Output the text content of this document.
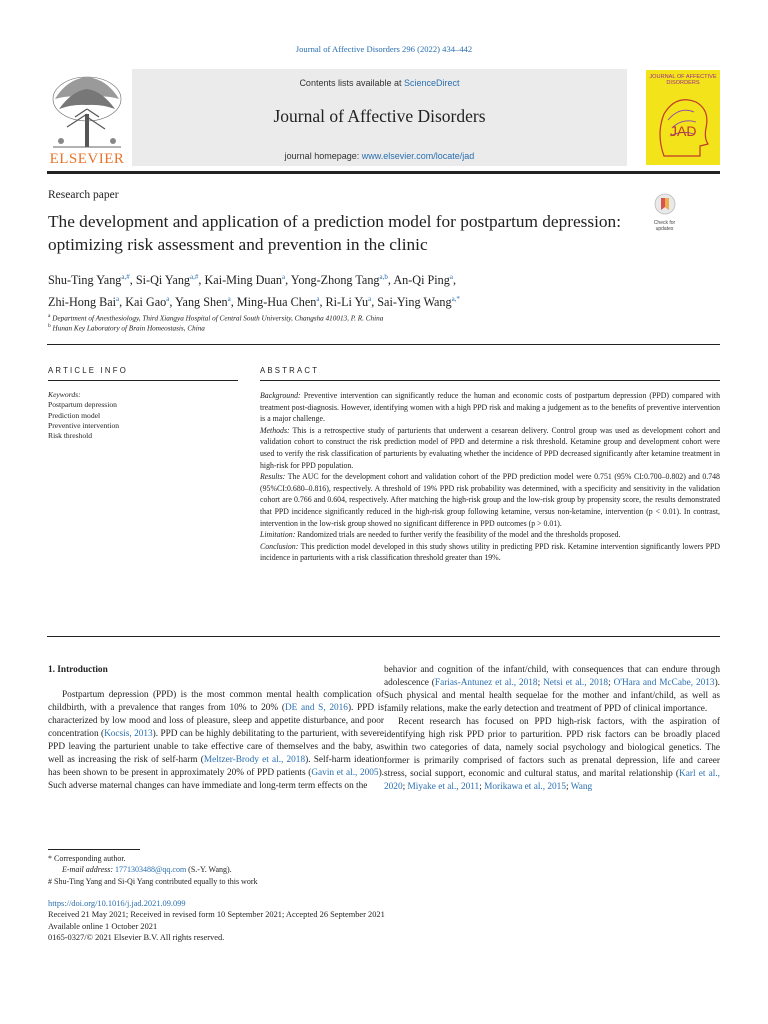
Journal of Affective Disorders 296 (2022) 434–442
ELSEVIER
Contents lists available at ScienceDirect
Journal of Affective Disorders
journal homepage: www.elsevier.com/locate/jad
JOURNAL OF AFFECTIVE DISORDERS
JAD
Research paper
The development and application of a prediction model for postpartum depression: optimizing risk assessment and prevention in the clinic
Check for
updates
Shu-Ting Yang$^{a,\#}$, Si-Qi Yang$^{a,\#}$, Kai-Ming Duan$^a$, Yong-Zhong Tang$^{a,b}$, An-Qi Ping$^a$,
Zhi-Hong Bai$^a$, Kai Gao$^a$, Yang Shen$^a$, Ming-Hua Chen$^a$, Ri-Li Yu$^a$, Sai-Ying Wang$^{a,*}$
$^a$ Department of Anesthesiology, Third Xiangya Hospital of Central South University, Changsha 410013, P. R. China
$^b$ Hunan Key Laboratory of Brain Homeostasis, China
ARTICLE INFO	ABSTRACT
Keywords:
Postpartum depression
Prediction model
Preventive intervention
Risk threshold

Background: Preventive intervention can significantly reduce the human and economic costs of postpartum depression (PPD) compared with treatment post-diagnosis. However, identifying women with a high PPD risk and making a judgement as to the benefits of preventive intervention is a major challenge.

Methods: This is a retrospective study of parturients that underwent a cesarean delivery. Control group was used as development cohort and validation cohort to construct the risk prediction model of PPD and determine a risk threshold. Ketamine group and development cohort were used to verify the risk classification of parturients by evaluating whether the incidence of PPD decreased significantly after ketamine treatment in high-risk for PPD population.

Results: The AUC for the development cohort and validation cohort of the PPD prediction model were 0.751 (95% CI:0.700–0.802) and 0.748 (95%CI:0.680–0.816), respectively. A threshold of 19% PPD risk probability was determined, with a specificity and sensitivity in the validation cohort are 0.766 and 0.604, respectively. After matching the high-risk group and the low-risk group by propensity score, the results demonstrated that PPD incidence significantly reduced in the high-risk group following ketamine, versus non-ketamine, intervention (p < 0.01). In contrast, intervention in the low-risk group showed no significant difference in PPD outcomes (p > 0.01).

Limitation: Randomized trials are needed to further verify the feasibility of the model and the thresholds proposed.

Conclusion: This prediction model developed in this study shows utility in predicting PPD risk. Ketamine intervention significantly lowers PPD incidence in parturients with a risk classification threshold greater than 19%.

1. Introduction

Postpartum depression (PPD) is the most common mental health complication of childbirth, with a prevalence that ranges from 10% to 20% (DE and S, 2016). PPD is characterized by low mood and loss of pleasure, sleep and appetite disturbance, and poor concentration (Kocsis, 2013). PPD can be highly debilitating to the parturient, with severe PPD leaving the parturient unable to take effective care of themselves and the baby, as well as increasing the risk of self-harm (Meltzer-Brody et al., 2018). Self-harm ideation has been shown to be present in approximately 20% of PPD patients (Gavin et al., 2005). Such adverse maternal changes can have immediate and long-term term effects on the

behavior and cognition of the infant/child, with consequences that can endure through adolescence (Farias-Antunez et al., 2018; Netsi et al., 2018; O'Hara and McCabe, 2013). Such physical and mental health sequelae for the mother and infant/child, as well as family relations, make the early detection and treatment of PPD of clinical importance.

Recent research has focused on PPD high-risk factors, with the aspiration of identifying high risk PPD prior to parturition. PPD risk factors can be broadly placed within two categories of data, namely social psychology and biological genetics. The former is primarily comprised of factors such as prenatal depression, life and career stress, social support, economic and cultural status, and marital relationship (Karl et al., 2020; Miyake et al., 2011; Morikawa et al., 2015; Wang

* Corresponding author.
E-mail address: 1771303488@qq.com (S.-Y. Wang).
# Shu-Ting Yang and Si-Qi Yang contributed equally to this work
https://doi.org/10.1016/j.jad.2021.09.099
Received 21 May 2021; Received in revised form 10 September 2021; Accepted 26 September 2021
Available online 1 October 2021
0165-0327/© 2021 Elsevier B.V. All rights reserved.
